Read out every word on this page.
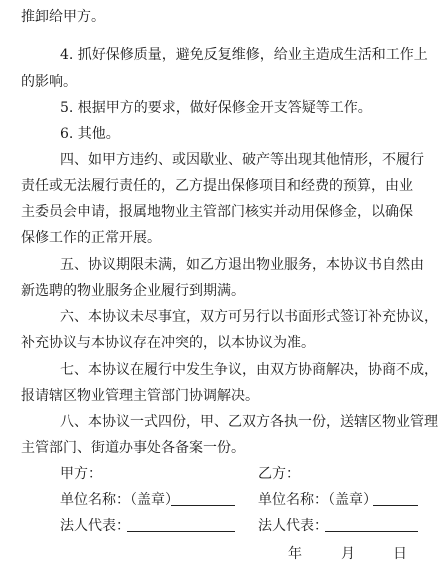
推卸给甲方。
4. 抓好保修质量，避免反复维修，给业主造成生活和工作上
的影响。
5. 根据甲方的要求，做好保修金开支答疑等工作。
6. 其他。
四、如甲方违约、或因歇业、破产等出现其他情形，不履行
责任或无法履行责任的，乙方提出保修项目和经费的预算，由业
主委员会申请，报属地物业主管部门核实并动用保修金，以确保
保修工作的正常开展。
五、协议期限未满，如乙方退出物业服务，本协议书自然由
新选聘的物业服务企业履行到期满。
六、本协议未尽事宜，双方可另行以书面形式签订补充协议，
补充协议与本协议存在冲突的，以本协议为准。
七、本协议在履行中发生争议，由双方协商解决，协商不成，
报请辖区物业管理主管部门协调解决。
八、本协议一式四份，甲、乙双方各执一份，送辖区物业管理
主管部门、街道办事处各备案一份。
甲方：	乙方：
单位名称：（盖章）	单位名称：（盖章）
法人代表：	法人代表：
年	月	日
